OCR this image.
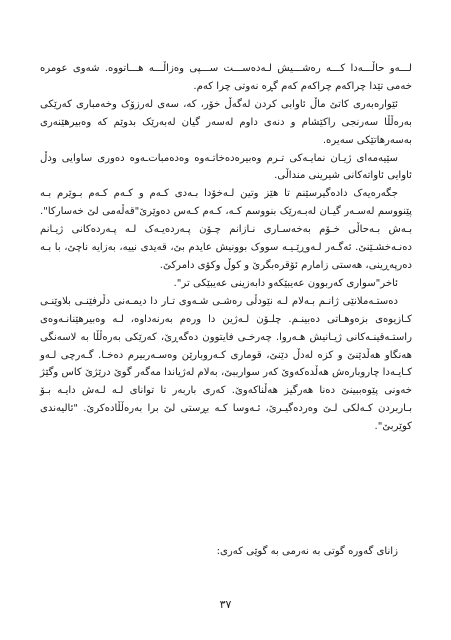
لـــەو حاڵـــەدا كـــە رەشـــیش لـەدەســـت ســـپی وەزاڵـــە هـــاتووە. شەوی عومرە خەمی تێدا چراکەم چراکەم کەم گڕە نەوتی چرا کەم.

ئێوارەبەری کاتێ ماڵ ئاوابی کردن لەگەڵ خۆر، کە، سەی لەرزۆک وخەمباری کەرێکی بەرەڵڵا سەرنجی راکێشام و دنەی داوم لەسەر گیان لەبەرێک بدوێم کە وەبیرهێنەری بەسەرهاتێکی سەیرە.

سێیەمەای ژیـان نمایـەکی تـرم وەبیرەدەخاتـەوە وەدەمبات‌ـەوە دەوری ساوایی ودڵ ئاوایی ئاواتەکانی شیرینی منداڵی.

جگەرەیەک دادەگیرسێنم تا هێز وتین لـەخۆدا بـەدی کـەم و کـەم کـەم بـوێرم بـە پێنووسم لەسـەر گیـان لەبـەرێک بنووسم کـە، کـەم کـەس دەوێرێ"قەڵەمی لێ خەسارکا". بـەش بـەحاڵی خـۆم بەخەسـاری نـازانم چـۆن پـەردەیـەک لـە پـەردەکانی ژیـانم دەنـەخشـێنێ. ئەگـەر لـەوڕێـیـە سووک بوونیش عایدم بێ، قەیدی نییە، بەزایە ناچێ، با بـە دەرپەڕینی، هەستی زامارم ئۆقرەبگرێ و کوڵ وکۆی دامرکێ.

ئاخر"سواری کەربوون عەیبێکەو دابەزینی عەیبێکی تر".

دەستـەملانێی ژانـم بـەلام لـە نێودڵی رەشـی شـەوی تـار دا دیمـەنی دڵرفێنـی بلاوێنـی کـازیوەی بزەوهـاتی دەبینـم. چلـۆن لـەژین دا ورەم بەرنەداوە، لـە وەبیرهێنانـەوەی راستـەقینـەکانی ژیـانیش هـەروا. چەرخـی فایتوون دەگەڕێ، کەرێکی بەرەڵڵا بە لاسەنگی هەنگاو هەڵدێنێ و کزە لەدڵ دێنێ، قوماری کـەروبارێن وەسـەربیرم دەخـا. گـەرچی لـەو کـایـەدا چاروبارەش هەڵدەکەوێ کەر سوارببێ، بەلام لەژیاندا مەگەر گوێ درێژێ کاس وگێژ خەونی پێوەببینێ دەنا هەرگیز هەڵناکەوێ. کەری باربەر تا توانای لـە لـەش دایـە بـۆ بـاربردن کـەلکی لـێ وەردەگیـرێ، ئـەوسا کـە بڕستی لێ برا بەرەڵڵادەکرێ. "ئالیەندی کوێربێ".

زانای گەورە گوتی بە نەرمی بە گوێی کەری:
٣٧
